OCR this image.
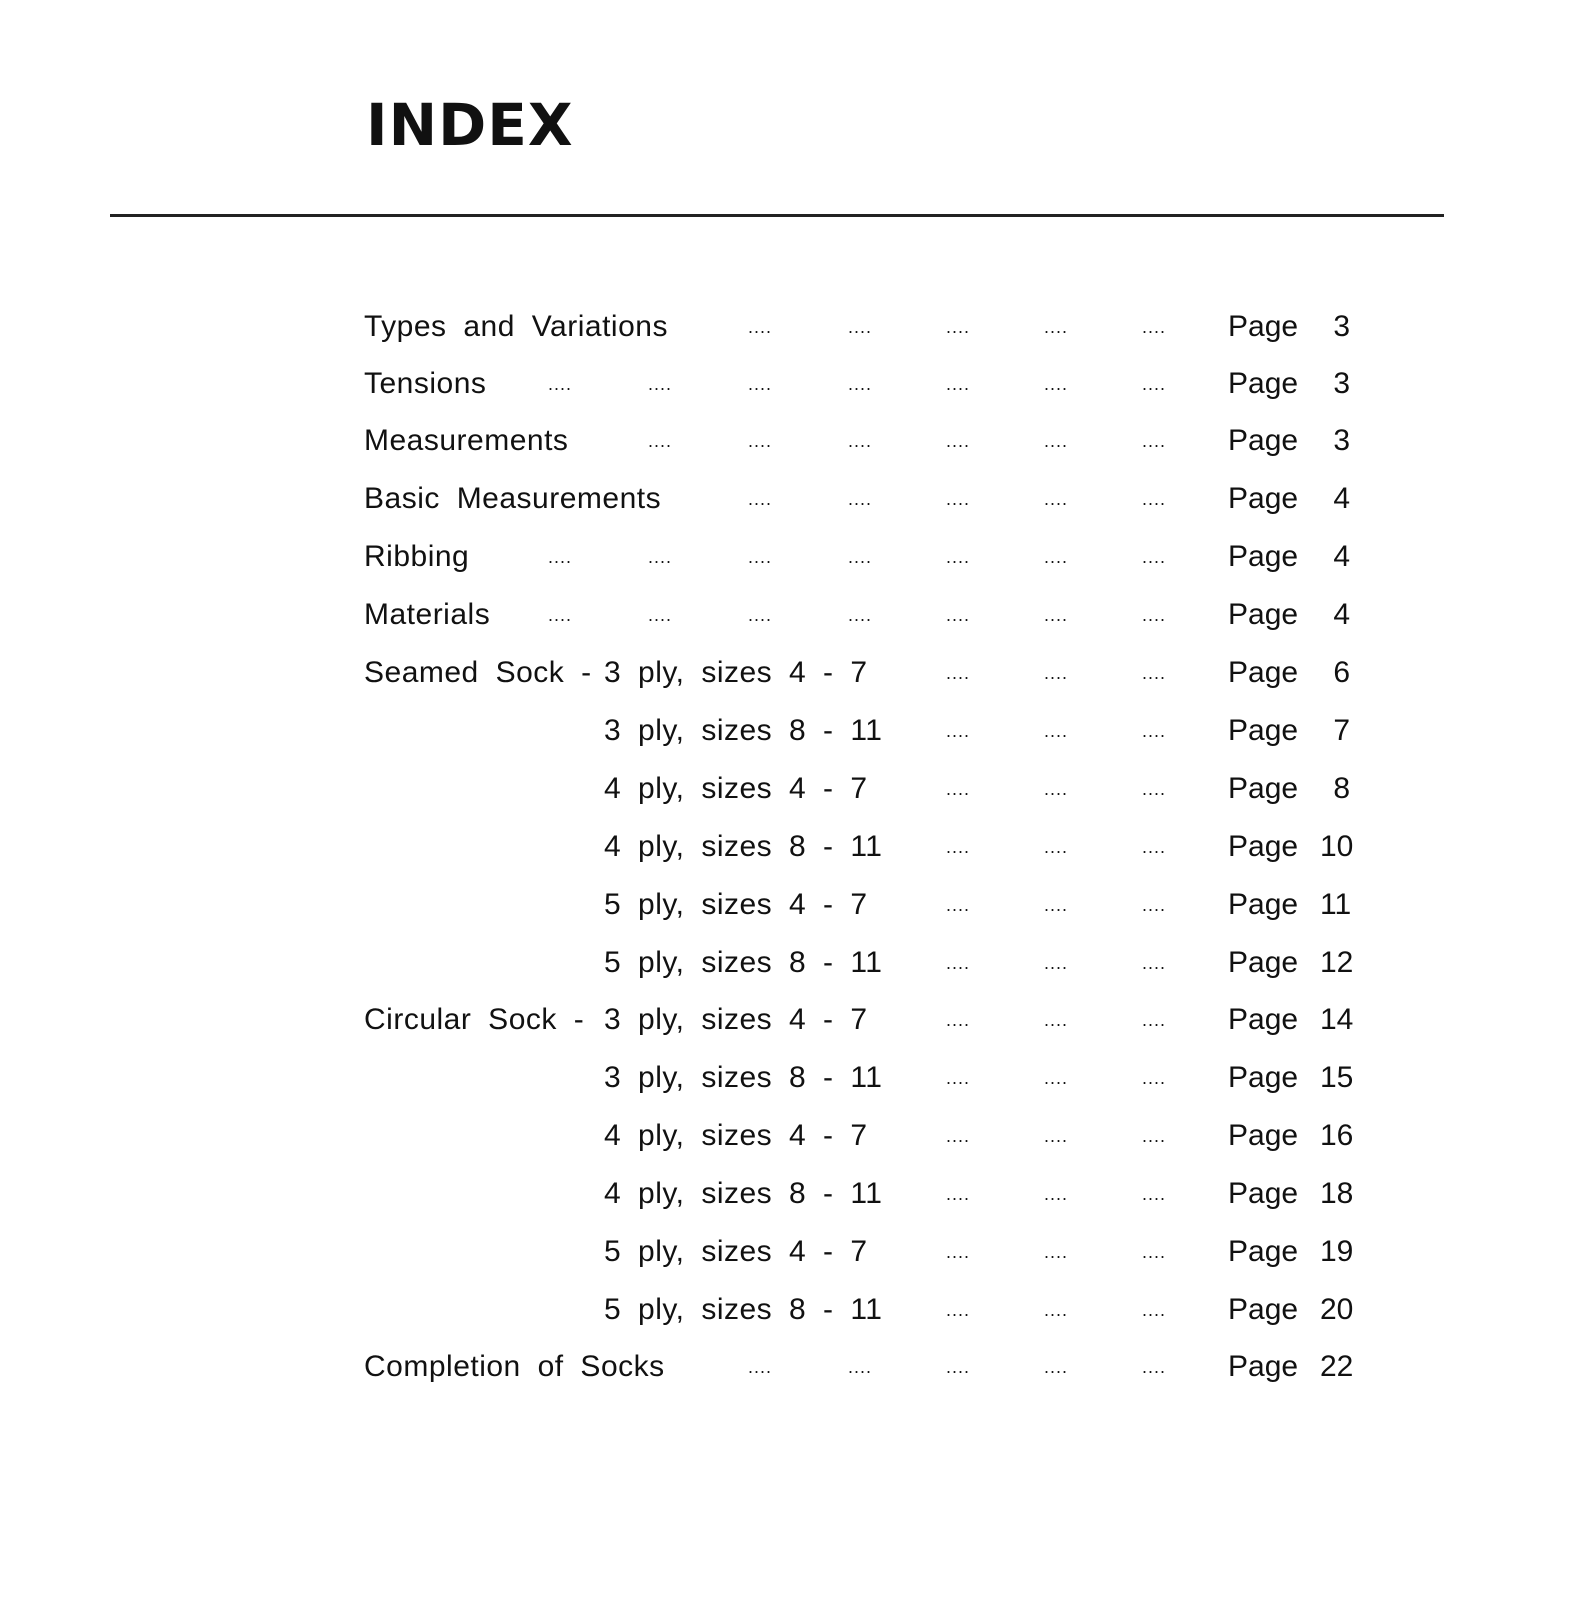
INDEX
Types and Variations	....	....	....	....	.... Page	3
Tensions	....	....	....	....	....	....	.... Page	3
Measurements	....	....	....	....	....	.... Page	3
Basic Measurements	....	....	....	....	.... Page	4
Ribbing	....	....	....	....	....	....	.... Page	4
Materials	....	....	....	....	....	....	.... Page	4
Seamed Sock - 3 ply, sizes 4 - 7	....	....	.... Page	6
3 ply, sizes 8 - 11	....	....	.... Page	7
4 ply, sizes 4 - 7	....	....	.... Page	8
4 ply, sizes 8 - 11	....	....	.... Page 10
5 ply, sizes 4 - 7	....	....	.... Page 11
5 ply, sizes 8 - 11	....	....	.... Page 12
Circular Sock - 3 ply, sizes 4 - 7	....	....	.... Page 14
3 ply, sizes 8 - 11	....	....	.... Page 15
4 ply, sizes 4 - 7	....	....	.... Page 16
4 ply, sizes 8 - 11	....	....	.... Page 18
5 ply, sizes 4 - 7	....	....	.... Page 19
5 ply, sizes 8 - 11	....	....	.... Page 20
Completion of Socks	....	....	....	....	.... Page 22
